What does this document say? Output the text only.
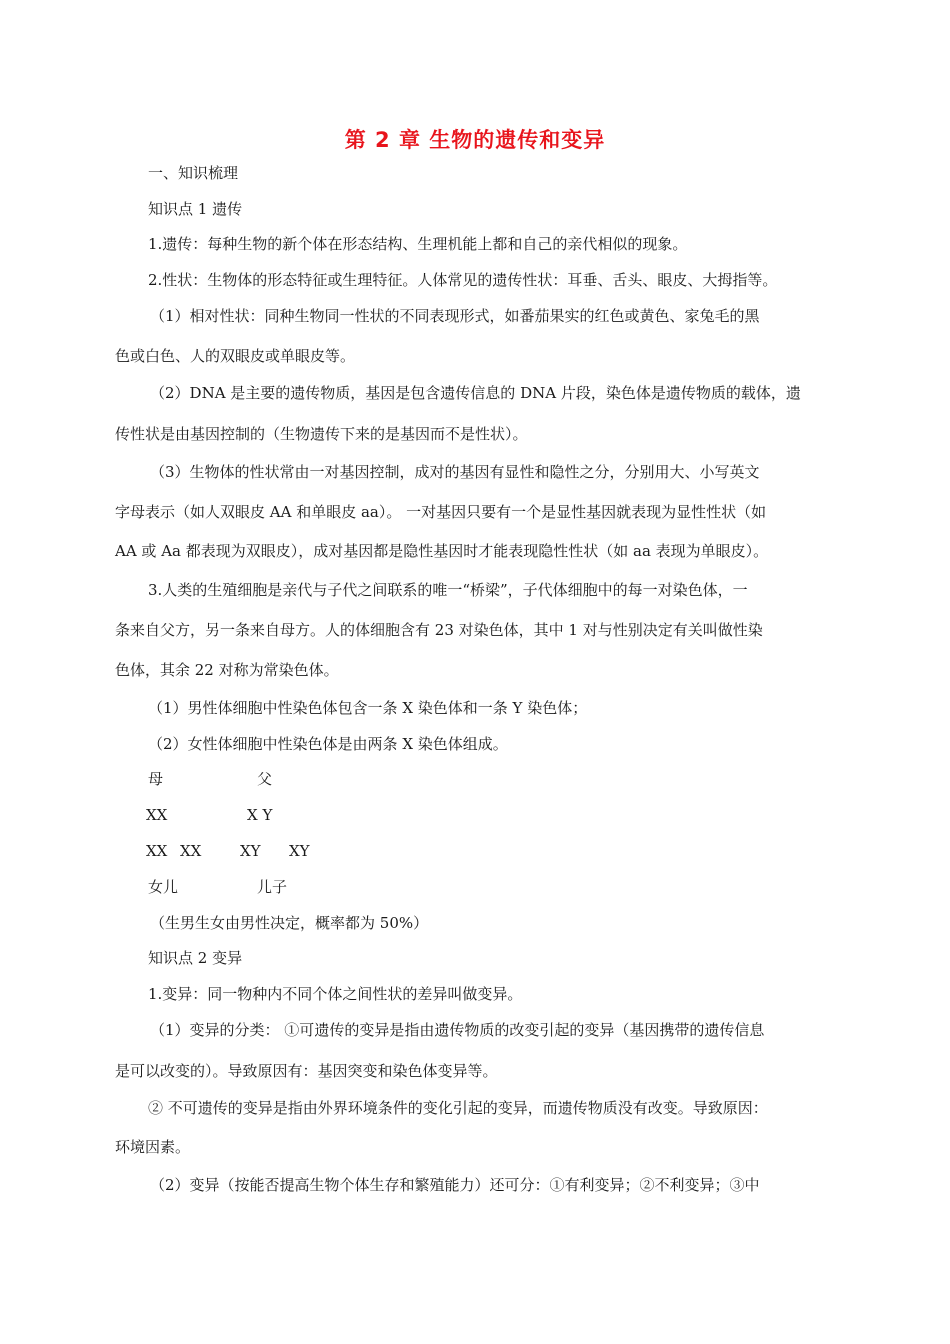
第 2 章 生物的遗传和变异
一、知识梳理
知识点 1 遗传
1.遗传：每种生物的新个体在形态结构、生理机能上都和自己的亲代相似的现象。
2.性状：生物体的形态特征或生理特征。人体常见的遗传性状：耳垂、舌头、眼皮、大拇指等。
（1）相对性状：同种生物同一性状的不同表现形式，如番茄果实的红色或黄色、家兔毛的黑
色或白色、人的双眼皮或单眼皮等。
（2）DNA 是主要的遗传物质，基因是包含遗传信息的 DNA 片段，染色体是遗传物质的载体，遗
传性状是由基因控制的（生物遗传下来的是基因而不是性状）。
（3）生物体的性状常由一对基因控制，成对的基因有显性和隐性之分，分别用大、小写英文
字母表示（如人双眼皮 AA 和单眼皮 aa）。 一对基因只要有一个是显性基因就表现为显性性状（如
AA 或 Aa 都表现为双眼皮），成对基因都是隐性基因时才能表现隐性性状（如 aa 表现为单眼皮）。
3.人类的生殖细胞是亲代与子代之间联系的唯一“桥梁”，子代体细胞中的每一对染色体，一
条来自父方，另一条来自母方。人的体细胞含有 23 对染色体，其中 1 对与性别决定有关叫做性染
色体，其余 22 对称为常染色体。
（1）男性体细胞中性染色体包含一条 X 染色体和一条 Y 染色体；
（2）女性体细胞中性染色体是由两条 X 染色体组成。
母	父
XX	X Y
XX XX	XY XY
女儿	儿子
（生男生女由男性决定，概率都为 50%）
知识点 2 变异
1.变异：同一物种内不同个体之间性状的差异叫做变异。
（1）变异的分类： ①可遗传的变异是指由遗传物质的改变引起的变异（基因携带的遗传信息
是可以改变的）。导致原因有：基因突变和染色体变异等。
② 不可遗传的变异是指由外界环境条件的变化引起的变异，而遗传物质没有改变。导致原因：
环境因素。
（2）变异（按能否提高生物个体生存和繁殖能力）还可分：①有利变异；②不利变异；③中
